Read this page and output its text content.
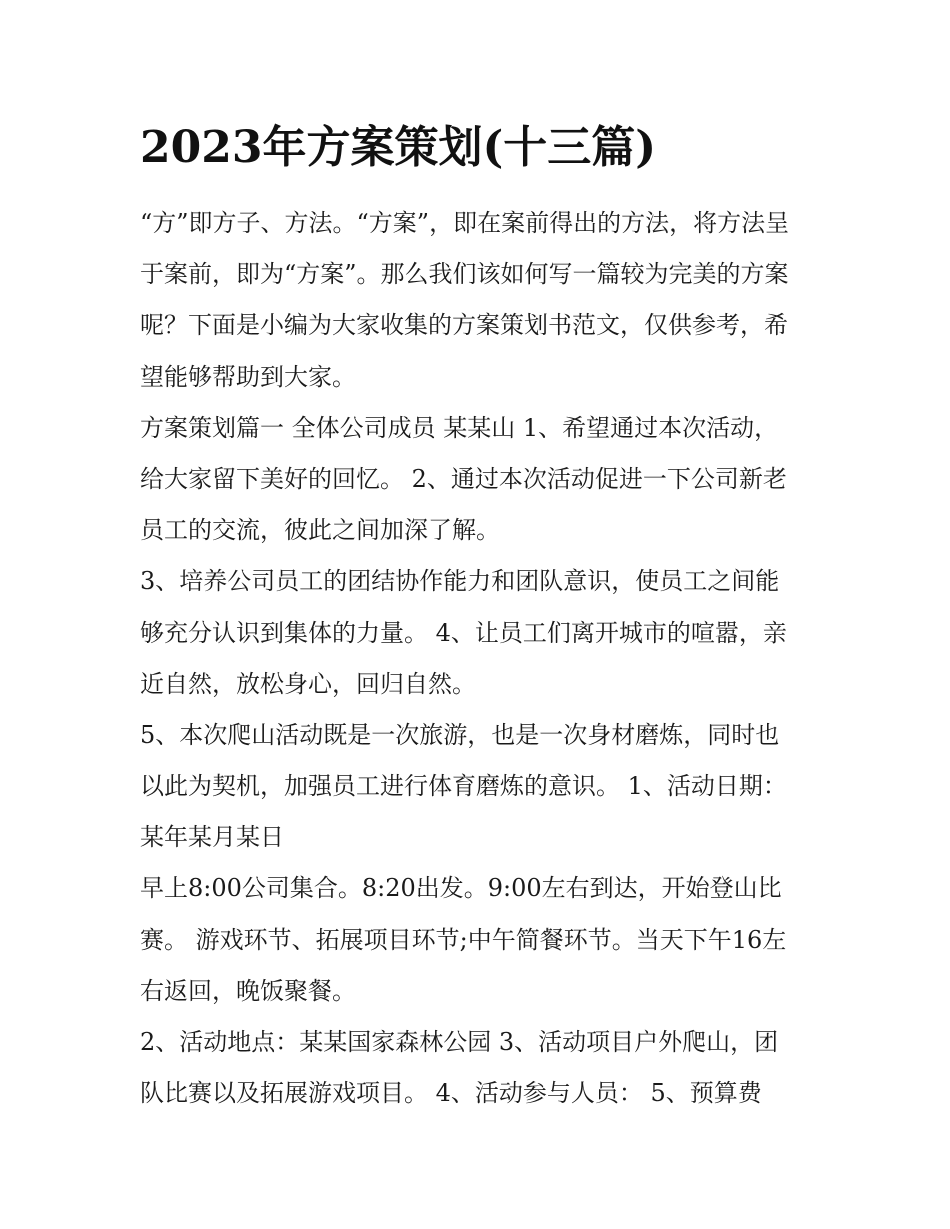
2023年方案策划(十三篇)

“方”即方子、方法。“方案”，即在案前得出的方法，将方法呈

于案前，即为“方案”。那么我们该如何写一篇较为完美的方案

呢？下面是小编为大家收集的方案策划书范文，仅供参考，希

望能够帮助到大家。

方案策划篇一 全体公司成员 某某山 1、希望通过本次活动，

给大家留下美好的回忆。 2、通过本次活动促进一下公司新老

员工的交流，彼此之间加深了解。

3、培养公司员工的团结协作能力和团队意识，使员工之间能

够充分认识到集体的力量。 4、让员工们离开城市的喧嚣，亲

近自然，放松身心，回归自然。

5、本次爬山活动既是一次旅游，也是一次身材磨炼，同时也

以此为契机，加强员工进行体育磨炼的意识。 1、活动日期：

某年某月某日

早上8:00公司集合。8:20出发。9:00左右到达，开始登山比

赛。 游戏环节、拓展项目环节;中午简餐环节。当天下午16左

右返回，晚饭聚餐。

2、活动地点：某某国家森林公园 3、活动项目户外爬山，团

队比赛以及拓展游戏项目。 4、活动参与人员： 5、预算费
